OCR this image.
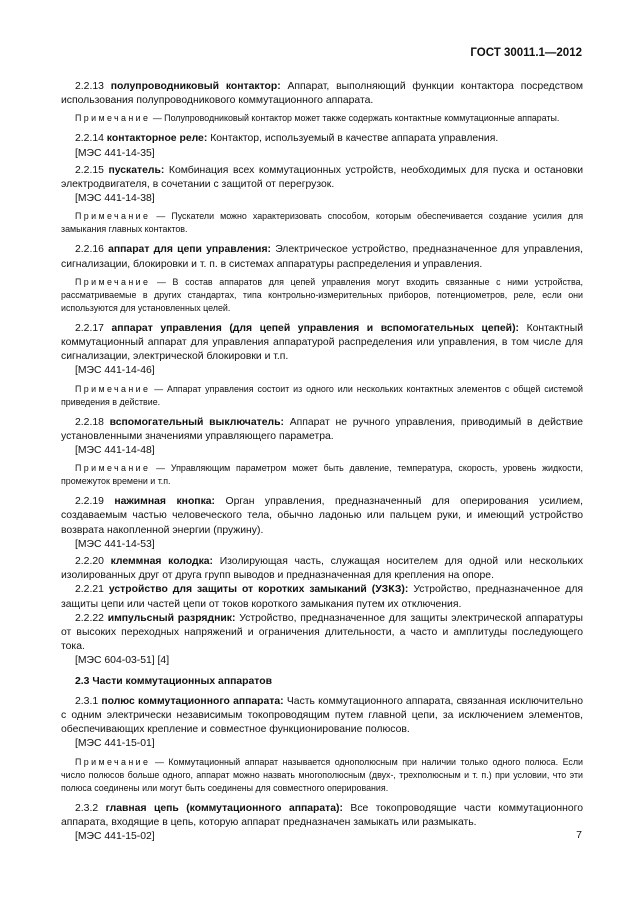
ГОСТ 30011.1—2012

2.2.13 полупроводниковый контактор: Аппарат, выполняющий функции контактора посредством использования полупроводникового коммутационного аппарата.

Примечание — Полупроводниковый контактор может также содержать контактные коммутационные аппараты.

2.2.14 контакторное реле: Контактор, используемый в качестве аппарата управления.

[МЭС 441-14-35]

2.2.15 пускатель: Комбинация всех коммутационных устройств, необходимых для пуска и остановки электродвигателя, в сочетании с защитой от перегрузок.

[МЭС 441-14-38]

Примечание — Пускатели можно характеризовать способом, которым обеспечивается создание усилия для замыкания главных контактов.

2.2.16 аппарат для цепи управления: Электрическое устройство, предназначенное для управления, сигнализации, блокировки и т. п. в системах аппаратуры распределения и управления.

Примечание — В состав аппаратов для цепей управления могут входить связанные с ними устройства, рассматриваемые в других стандартах, типа контрольно-измерительных приборов, потенциометров, реле, если они используются для установленных целей.

2.2.17 аппарат управления (для цепей управления и вспомогательных цепей): Контактный коммутационный аппарат для управления аппаратурой распределения или управления, в том числе для сигнализации, электрической блокировки и т.п.

[МЭС 441-14-46]

Примечание — Аппарат управления состоит из одного или нескольких контактных элементов с общей системой приведения в действие.

2.2.18 вспомогательный выключатель: Аппарат не ручного управления, приводимый в действие установленными значениями управляющего параметра.

[МЭС 441-14-48]

Примечание — Управляющим параметром может быть давление, температура, скорость, уровень жидкости, промежуток времени и т.п.

2.2.19 нажимная кнопка: Орган управления, предназначенный для оперирования усилием, создаваемым частью человеческого тела, обычно ладонью или пальцем руки, и имеющий устройство возврата накопленной энергии (пружину).

[МЭС 441-14-53]

2.2.20 клеммная колодка: Изолирующая часть, служащая носителем для одной или нескольких изолированных друг от друга групп выводов и предназначенная для крепления на опоре.

2.2.21 устройство для защиты от коротких замыканий (УЗКЗ): Устройство, предназначенное для защиты цепи или частей цепи от токов короткого замыкания путем их отключения.

2.2.22 импульсный разрядник: Устройство, предназначенное для защиты электрической аппаратуры от высоких переходных напряжений и ограничения длительности, а часто и амплитуды последующего тока.

[МЭС 604-03-51] [4]

2.3 Части коммутационных аппаратов

2.3.1 полюс коммутационного аппарата: Часть коммутационного аппарата, связанная исключительно с одним электрически независимым токопроводящим путем главной цепи, за исключением элементов, обеспечивающих крепление и совместное функционирование полюсов.

[МЭС 441-15-01]

Примечание — Коммутационный аппарат называется однополюсным при наличии только одного полюса. Если число полюсов больше одного, аппарат можно назвать многополюсным (двух-, трехполюсным и т. п.) при условии, что эти полюса соединены или могут быть соединены для совместного оперирования.

2.3.2 главная цепь (коммутационного аппарата): Все токопроводящие части коммутационного аппарата, входящие в цепь, которую аппарат предназначен замыкать или размыкать.

[МЭС 441-15-02]	7
